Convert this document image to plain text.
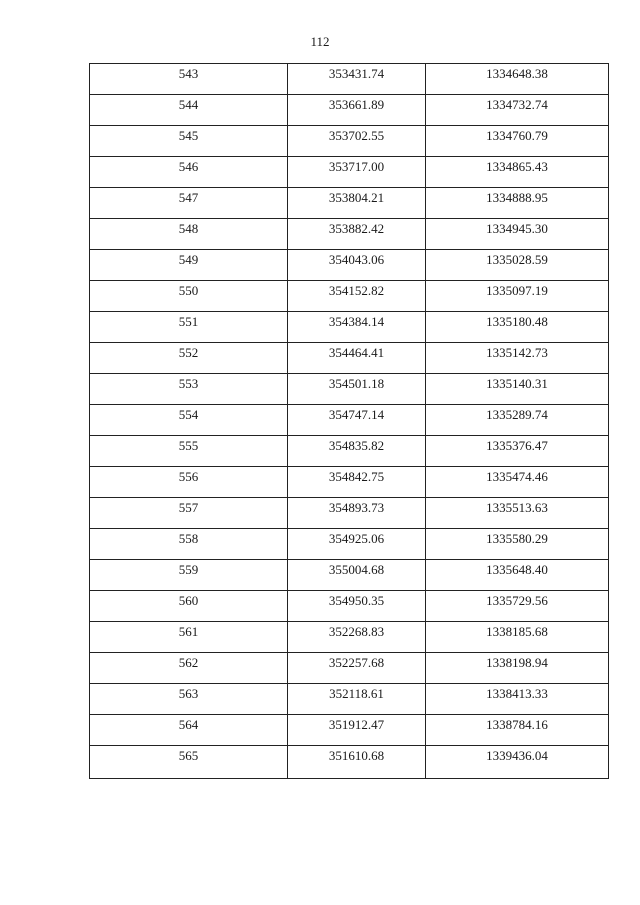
112
543	353431.74	1334648.38
544	353661.89	1334732.74
545	353702.55	1334760.79
546	353717.00	1334865.43
547	353804.21	1334888.95
548	353882.42	1334945.30
549	354043.06	1335028.59
550	354152.82	1335097.19
551	354384.14	1335180.48
552	354464.41	1335142.73
553	354501.18	1335140.31
554	354747.14	1335289.74
555	354835.82	1335376.47
556	354842.75	1335474.46
557	354893.73	1335513.63
558	354925.06	1335580.29
559	355004.68	1335648.40
560	354950.35	1335729.56
561	352268.83	1338185.68
562	352257.68	1338198.94
563	352118.61	1338413.33
564	351912.47	1338784.16
565	351610.68	1339436.04
